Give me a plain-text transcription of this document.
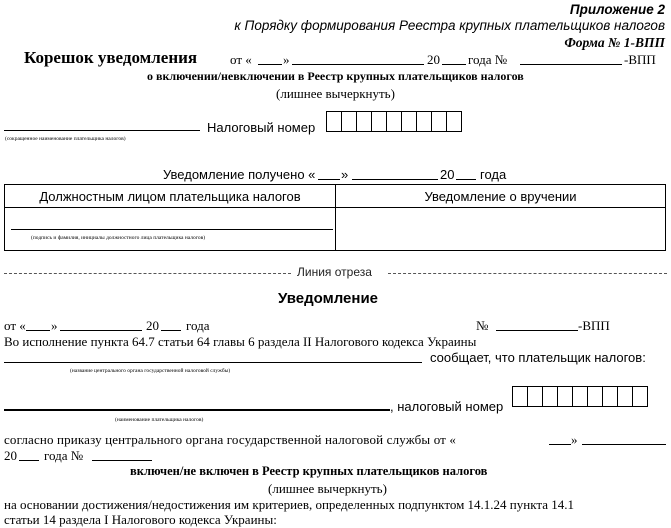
Приложение 2
к Порядку формирования Реестра крупных плательщиков налогов
Форма № 1-ВПП
Корешок уведомления	от « »	20 года №	-ВПП
о включении/невключении в Реестр крупных плательщиков налогов
(лишнее вычеркнуть)
(сокращенное наименование плательщика налогов)
Налоговый номер
Уведомление получено « »	20 года
Должностным лицом плательщика налогов	Уведомление о вручении

(подпись и фамилия, инициалы должностного лица плательщика налогов)	

Линия отреза
Уведомление
от « »	20 года	№	-ВПП
Во исполнение пункта 64.7 статьи 64 главы 6 раздела II Налогового кодекса Украины
сообщает, что плательщик налогов:
(название центрального органа государственной налоговой службы)
, налоговый номер
(наименование плательщика налогов)
согласно приказу центрального органа государственной налоговой службы от «	»
20 года №
включен/не включен в Реестр крупных плательщиков налогов
(лишнее вычеркнуть)
на основании достижения/недостижения им критериев, определенных подпунктом 14.1.24 пункта 14.1
статьи 14 раздела I Налогового кодекса Украины:
